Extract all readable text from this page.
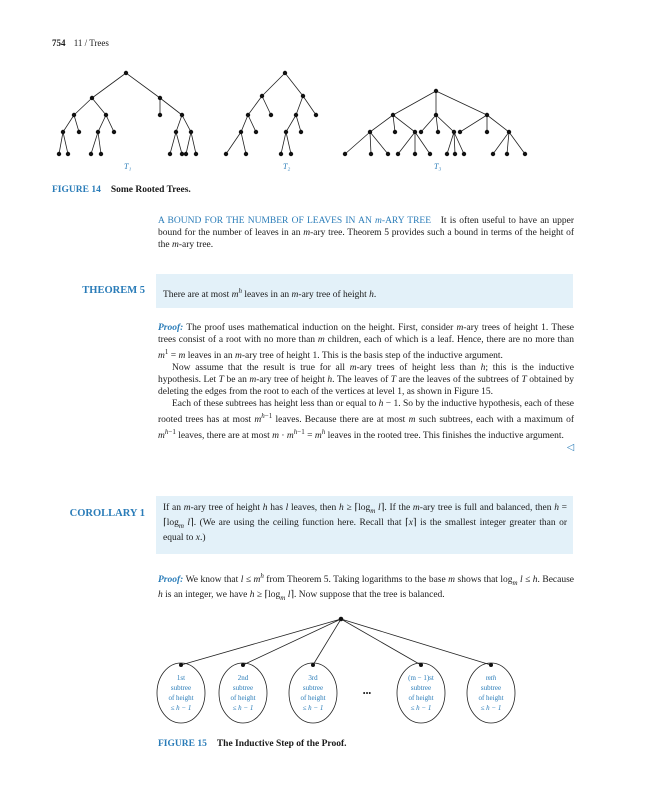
754 11 / Trees
T₁	T₂	T₃
FIGURE 14 Some Rooted Trees.

A BOUND FOR THE NUMBER OF LEAVES IN AN m-ARY TREE It is often useful to have an upper bound for the number of leaves in an m-ary tree. Theorem 5 provides such a bound in terms of the height of the m-ary tree.

THEOREM 5	There are at most $m^h$ leaves in an m-ary tree of height h.

Proof: The proof uses mathematical induction on the height. First, consider m-ary trees of height 1. These trees consist of a root with no more than m children, each of which is a leaf. Hence, there are no more than $m^1 = m$ leaves in an m-ary tree of height 1. This is the basis step of the inductive argument.

Now assume that the result is true for all m-ary trees of height less than h; this is the inductive hypothesis. Let T be an m-ary tree of height h. The leaves of T are the leaves of the subtrees of T obtained by deleting the edges from the root to each of the vertices at level 1, as shown in Figure 15.

Each of these subtrees has height less than or equal to h − 1. So by the inductive hypothesis, each of these rooted trees has at most $m^{h-1}$ leaves. Because there are at most m such subtrees, each with a maximum of $m^{h-1}$ leaves, there are at most $m \cdot m^{h-1} = m^h$ leaves in the rooted tree. This finishes the inductive argument.
◁

COROLLARY 1	If an m-ary tree of height h has l leaves, then $h \ge ⌈\log_m$ l⌉. If the m-ary tree is full and balanced, then $h = ⌈\log_m$ l⌉. (We are using the ceiling function here. Recall that ⌈x⌉ is the smallest integer greater than or equal to x.)

Proof: We know that $l \le m^h$ from Theorem 5. Taking logarithms to the base m shows that $\log_m l \le h$. Because h is an integer, we have $h \ge ⌈\log_m$ l⌉. Now suppose that the tree is balanced.

1st
subtree
of height
≤ h − 1
2nd
subtree
of height
≤ h − 1
3rd
subtree
of height
≤ h − 1
(m − 1)st
subtree
of height
≤ h − 1
mth
subtree
of height
≤ h − 1
•••
FIGURE 15 The Inductive Step of the Proof.
